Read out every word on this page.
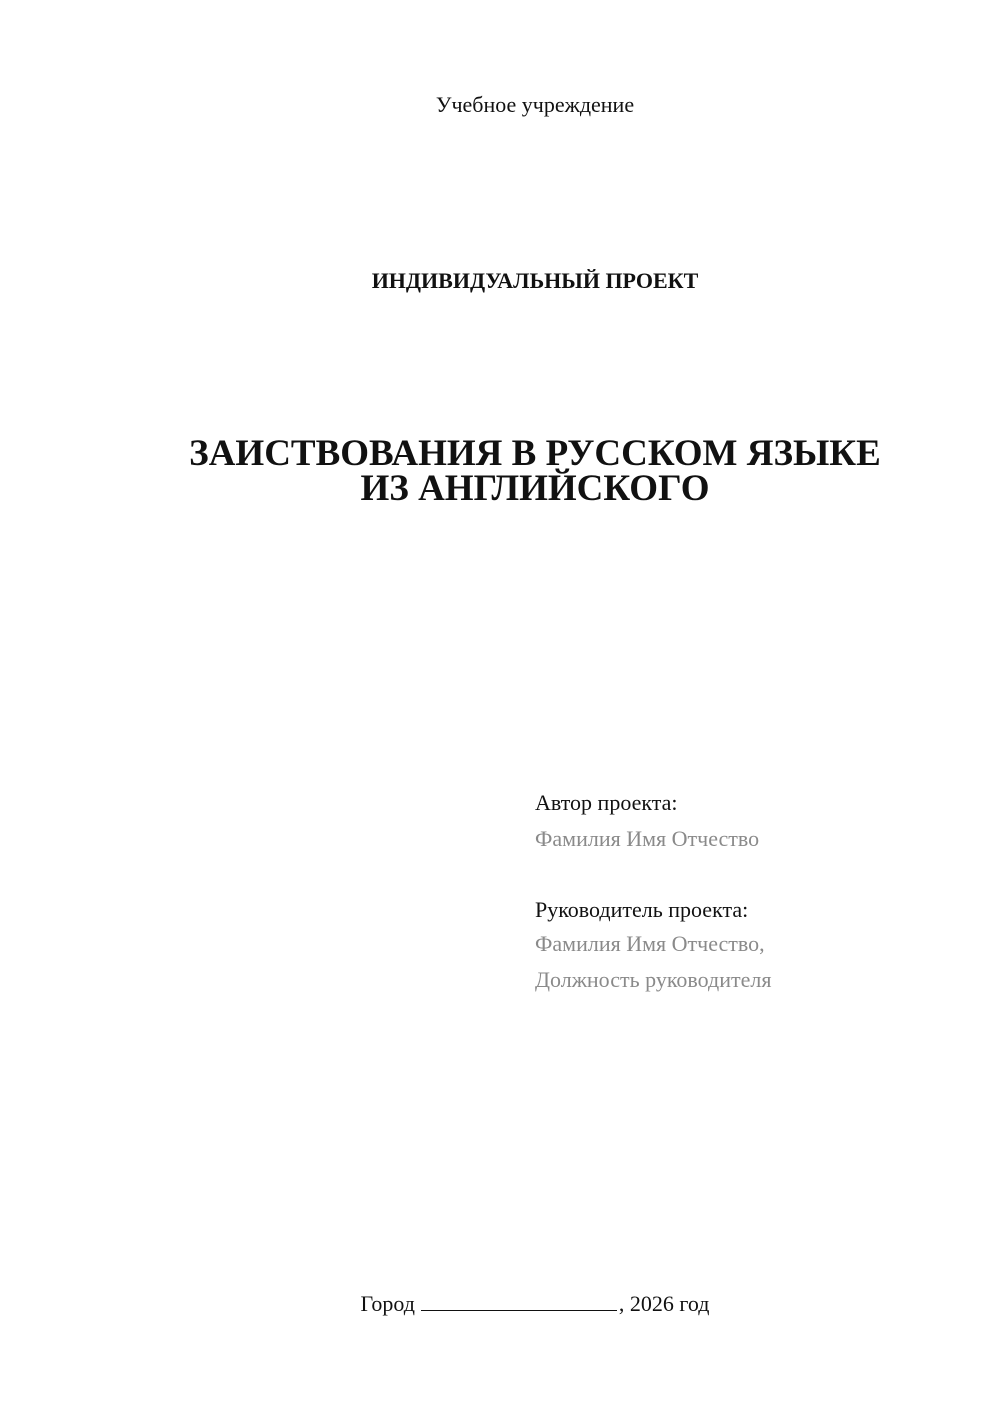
Учебное учреждение

ИНДИВИДУАЛЬНЫЙ ПРОЕКТ

ЗАИСТВОВАНИЯ В РУССКОМ ЯЗЫКЕ
ИЗ АНГЛИЙСКОГО

Автор проекта:

Фамилия Имя Отчество

Руководитель проекта:

Фамилия Имя Отчество,

Должность руководителя

Город	, 2026 год
